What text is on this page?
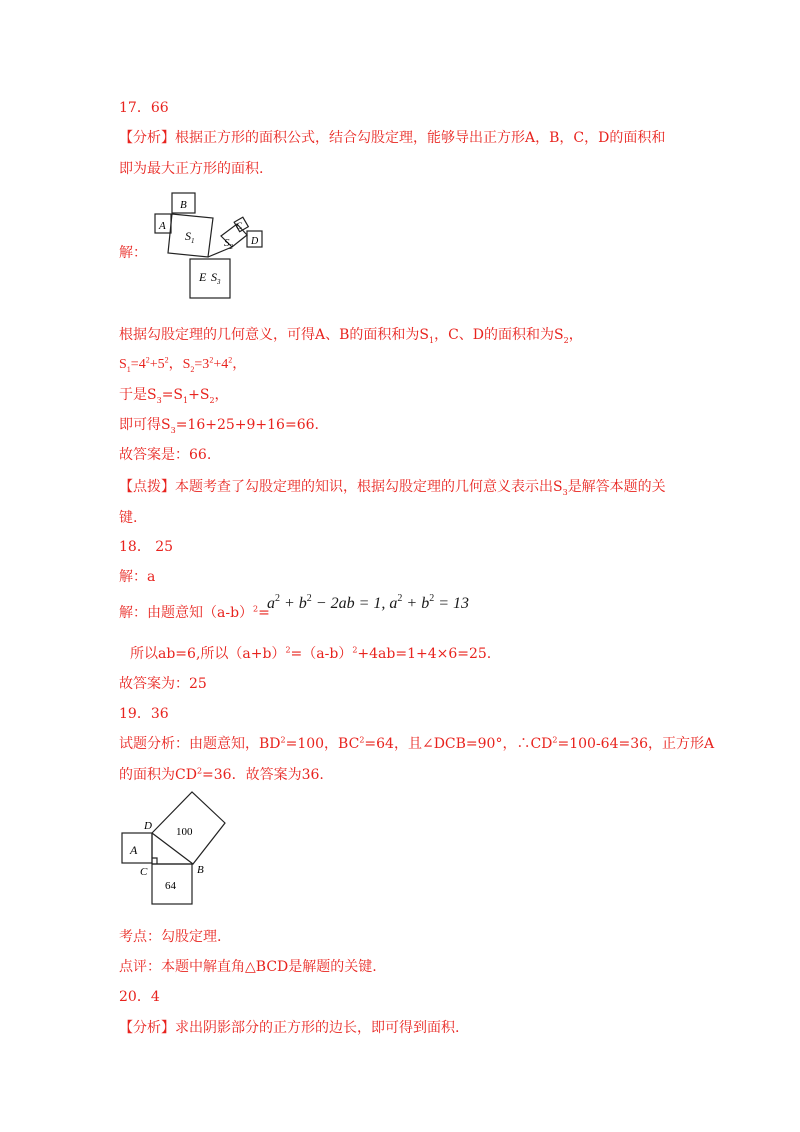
17．66
【分析】根据正方形的面积公式，结合勾股定理，能够导出正方形A，B，C，D的面积和
即为最大正方形的面积.
解：
B
A
$S_1$
C
$S_2$ D
E $S_3$
根据勾股定理的几何意义，可得A、B的面积和为$S_1$，C、D的面积和为$S_2$，
$S_1=4^2+5^2$，$S_2=3^2+4^2$，
于是$S_3=S_1+S_2$，
即可得$S_3=16+25+9+16=66$.
故答案是：66.
【点拨】本题考查了勾股定理的知识，根据勾股定理的几何意义表示出$S_3$是解答本题的关
键.
18． 25
解：a
解：由题意知$(a-b)^2=$
$a^2 + b^2 - 2ab = 1$, $a^2 + b^2 = 13$
所以ab=6,所以$(a+b)^2=(a-b)^2+4ab=1+4\times 6=25$.
故答案为：25
19．36
试题分析：由题意知，$BD^2=100$，$BC^2=64$，且∠DCB=90°，$\therefore CD^2=100-64=36$，正方形A
的面积为$CD^2=36$．故答案为36.
D 100
A
C	B
64
考点：勾股定理.
点评：本题中解直角△BCD是解题的关键.
20．4
【分析】求出阴影部分的正方形的边长，即可得到面积.
